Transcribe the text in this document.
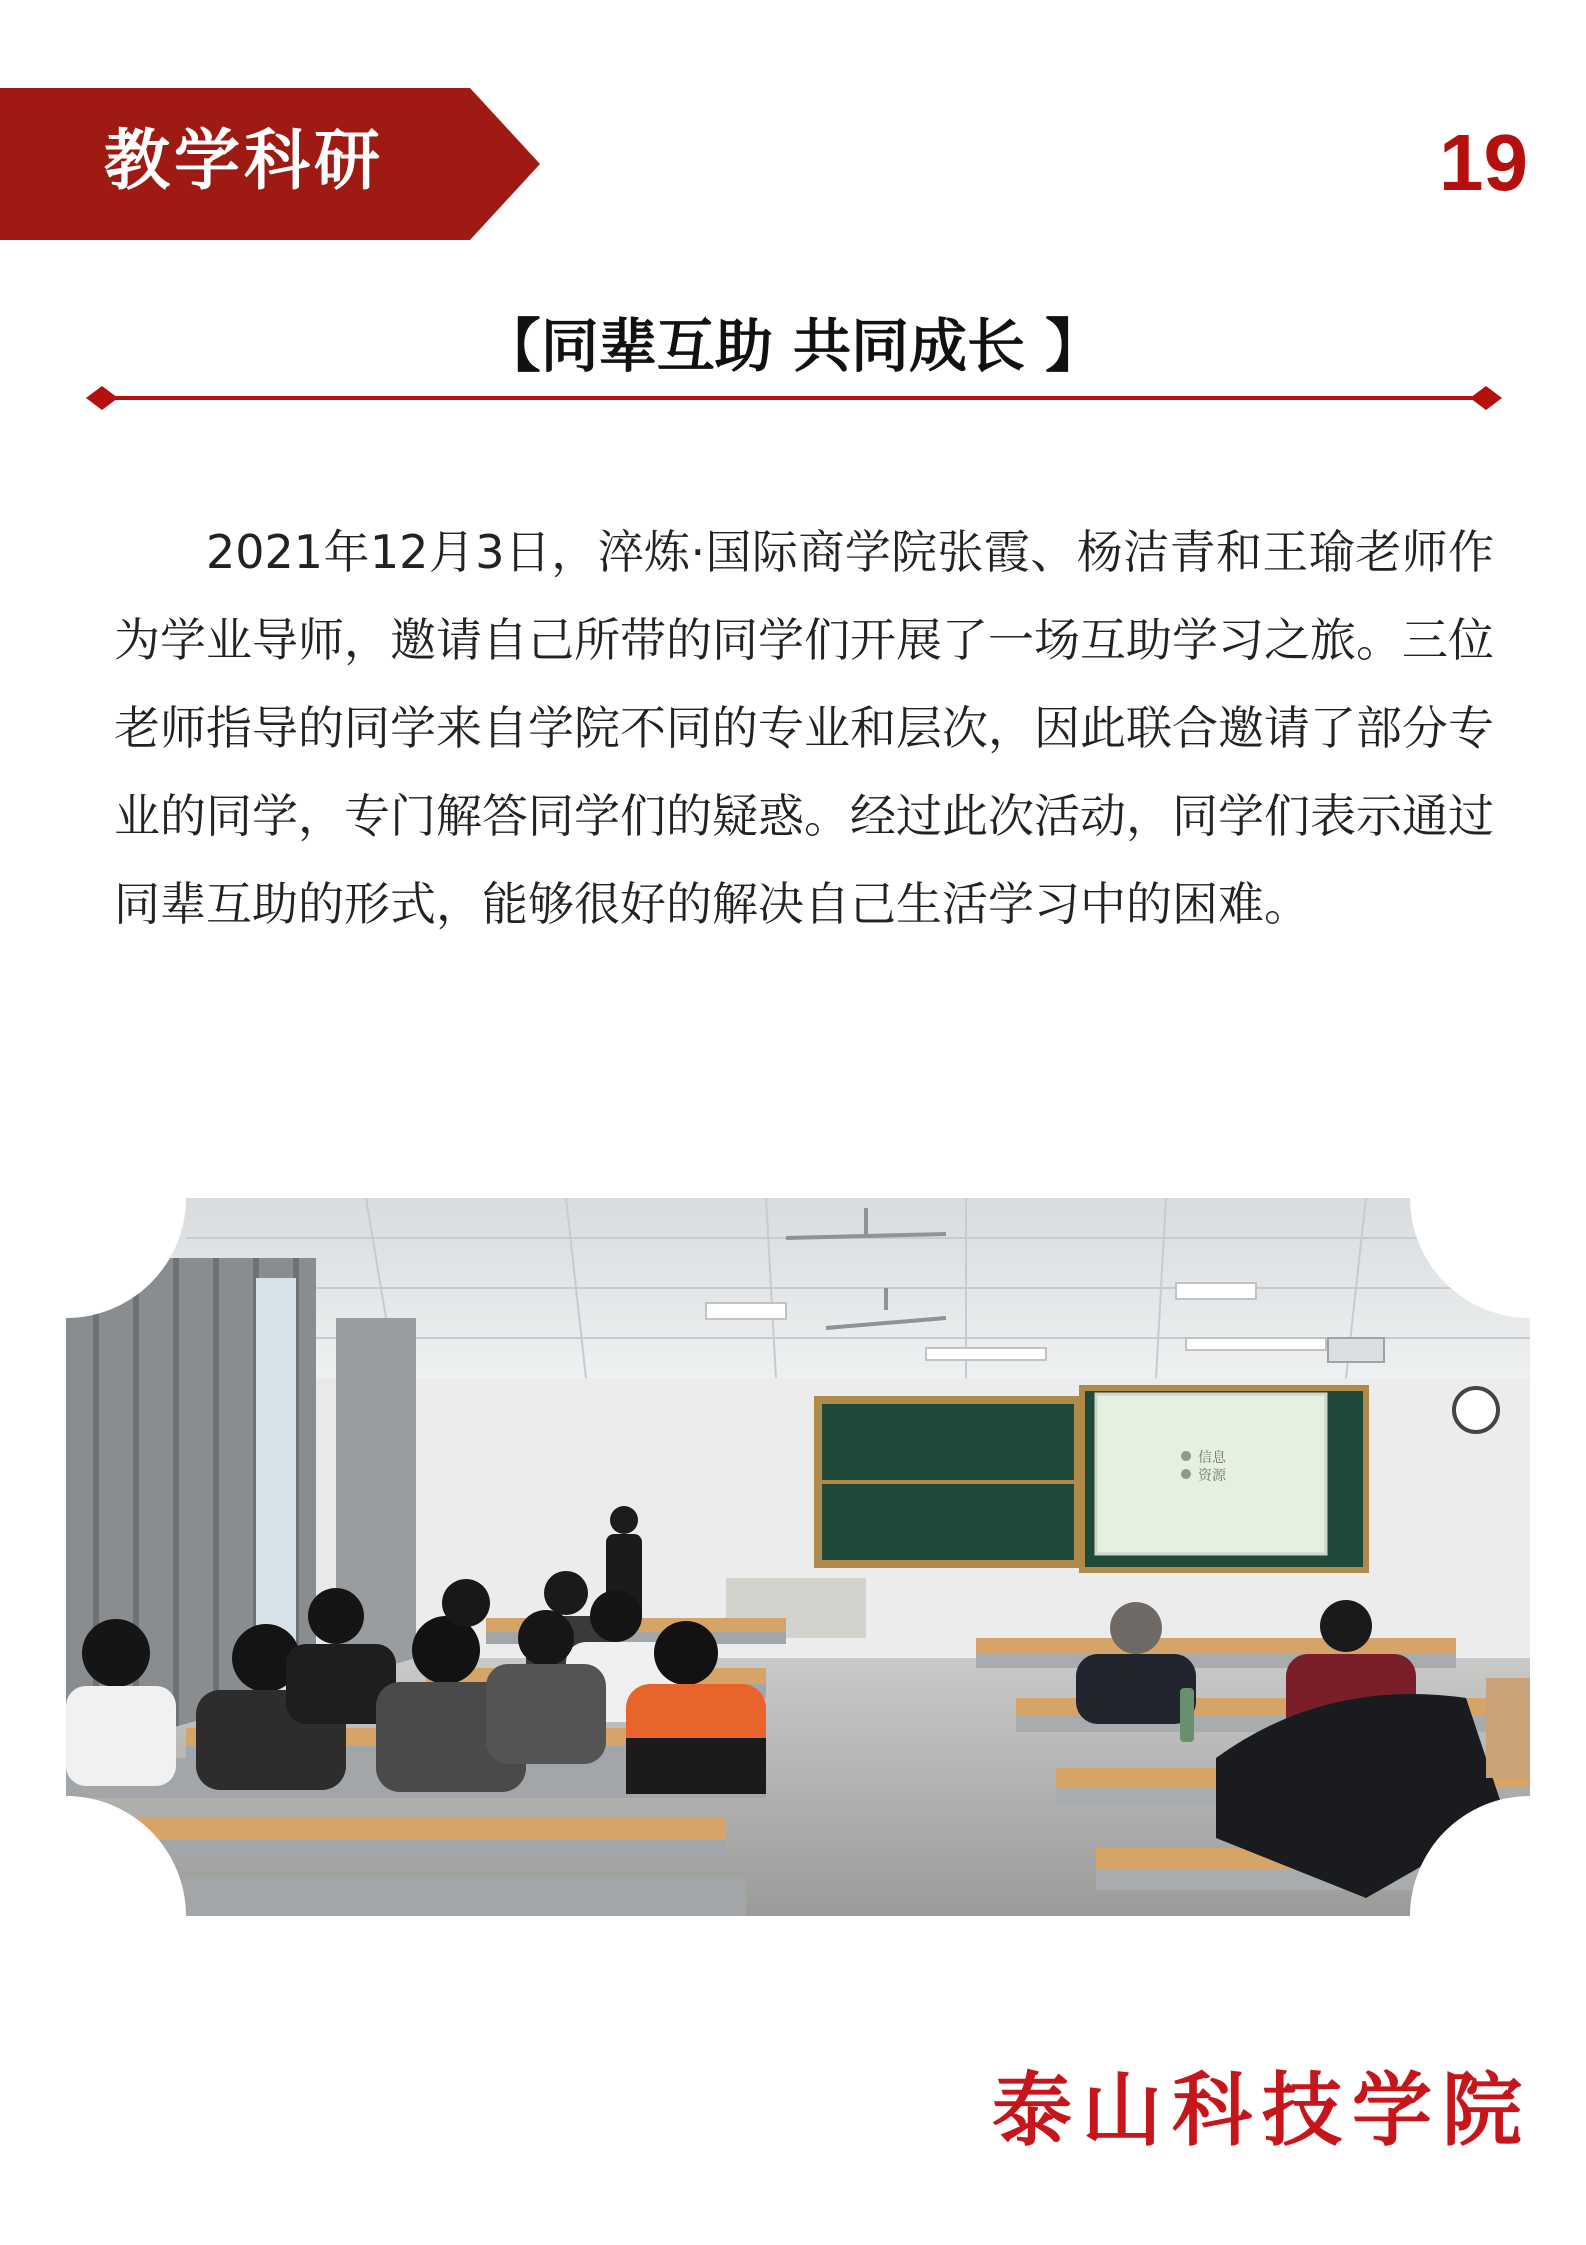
教学科研	19
【同辈互助 共同成长 】

2021年12月3日，淬炼·国际商学院张霞、杨洁青和王瑜老师作为学业导师，邀请自己所带的同学们开展了一场互助学习之旅。三位老师指导的同学来自学院不同的专业和层次，因此联合邀请了部分专业的同学，专门解答同学们的疑惑。经过此次活动，同学们表示通过同辈互助的形式，能够很好的解决自己生活学习中的困难。

信息
资源
泰山科技学院
